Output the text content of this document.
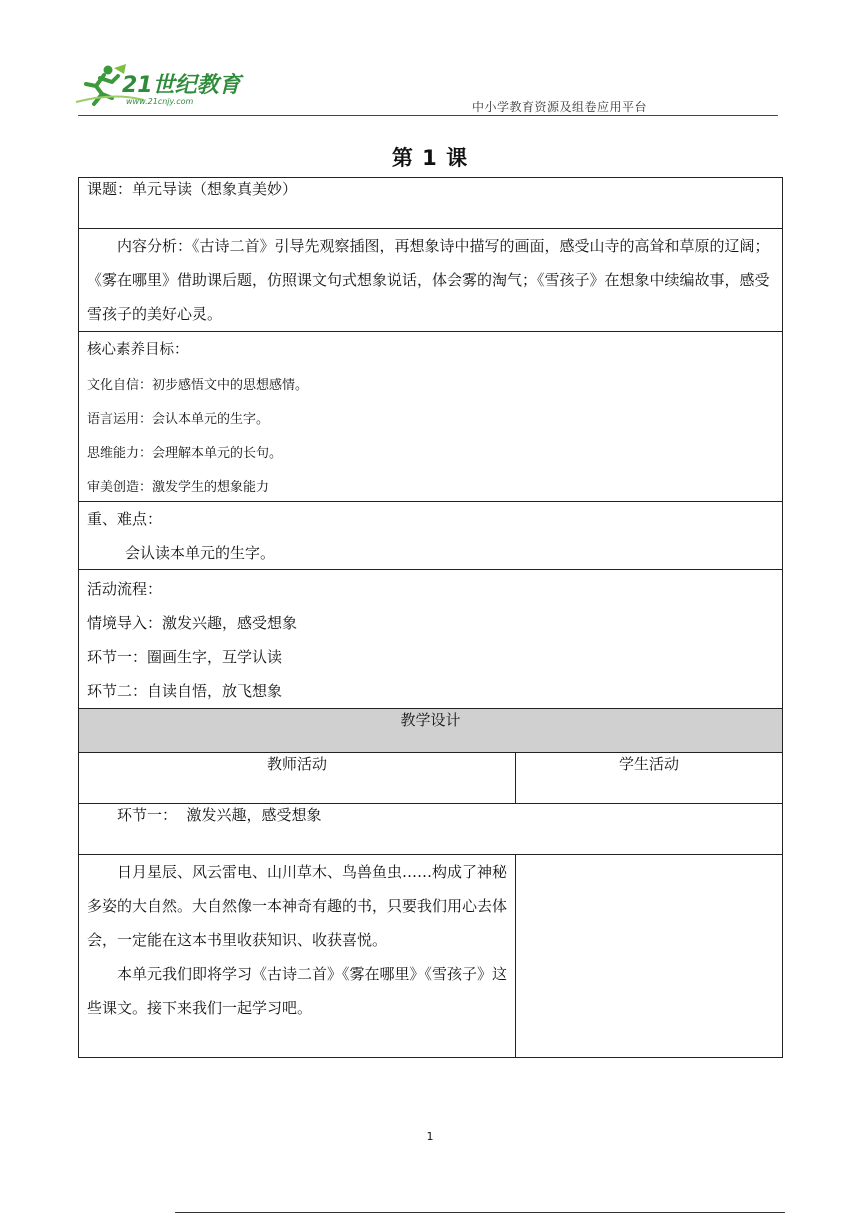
21世纪教育
www.21cnjy.com	中小学教育资源及组卷应用平台
第 1 课
课题：单元导读（想象真美妙）	
内容分析：《古诗二首》引导先观察插图，再想象诗中描写的画面，感受山寺的高耸和草原的辽阔；《雾在哪里》借助课后题，仿照课文句式想象说话，体会雾的淘气；《雪孩子》在想象中续编故事，感受雪孩子的美好心灵。	

核心素养目标：
文化自信：初步感悟文中的思想感情。
语言运用：会认本单元的生字。
思维能力：会理解本单元的长句。
审美创造：激发学生的想象能力	

重、难点：
会认读本单元的生字。	

活动流程：
情境导入：激发兴趣，感受想象
环节一：圈画生字，互学认读
环节二：自读自悟，放飞想象	

教学设计	
教师活动	学生活动
环节一：  激发兴趣，感受想象	

日月星辰、风云雷电、山川草木、鸟兽鱼虫……构成了神秘多姿的大自然。大自然像一本神奇有趣的书，只要我们用心去体会，一定能在这本书里收获知识、收获喜悦。

本单元我们即将学习《古诗二首》《雾在哪里》《雪孩子》这些课文。接下来我们一起学习吧。	

1
